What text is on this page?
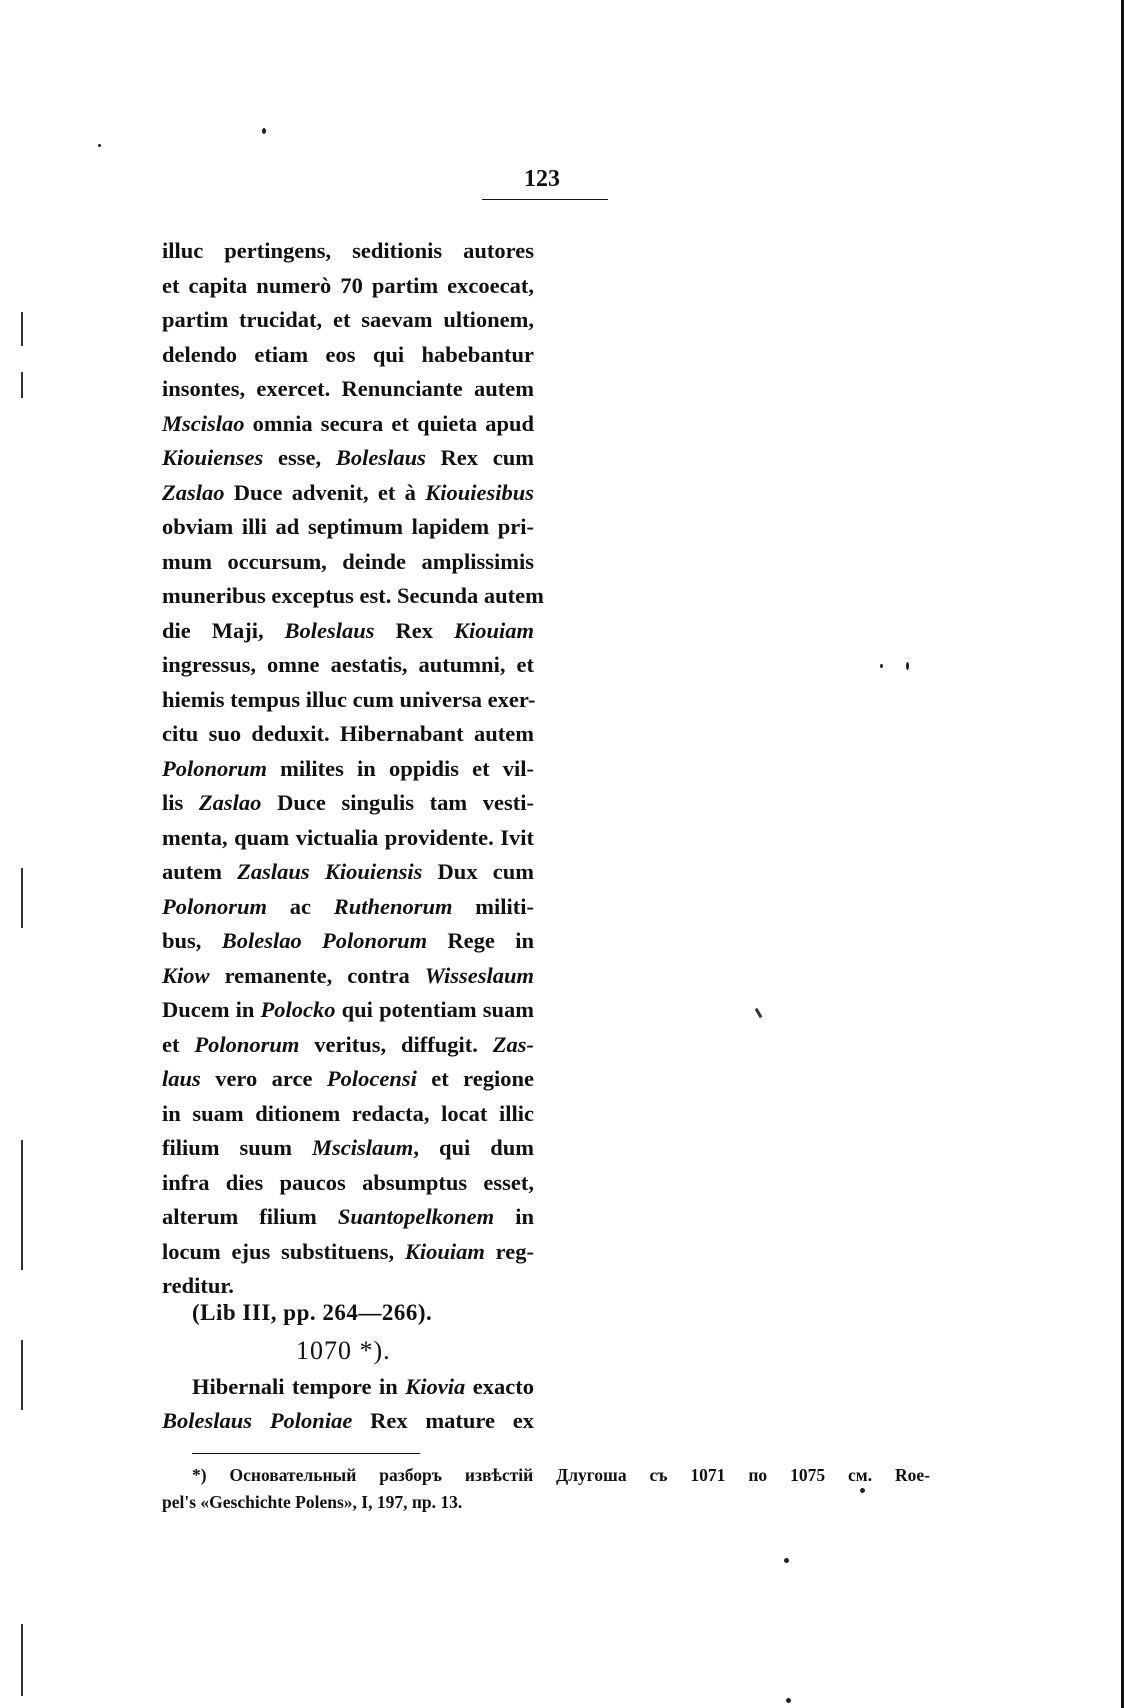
123
illuc pertingens, seditionis autores
et capita numerò 70 partim excoecat,
partim trucidat, et saevam ultionem,
delendo etiam eos qui habebantur
insontes, exercet. Renunciante autem
Mscislao omnia secura et quieta apud
Kiouienses esse, Boleslaus Rex cum
Zaslao Duce advenit, et à Kiouiesibus
obviam illi ad septimum lapidem pri-
mum occursum, deinde amplissimis
muneribus exceptus est. Secunda autem
die Maji, Boleslaus Rex Kiouiam
ingressus, omne aestatis, autumni, et
hiemis tempus illuc cum universa exer-
citu suo deduxit. Hibernabant autem
Polonorum milites in oppidis et vil-
lis Zaslao Duce singulis tam vesti-
menta, quam victualia providente. Ivit
autem Zaslaus Kiouiensis Dux cum
Polonorum ac Ruthenorum militi-
bus, Boleslao Polonorum Rege in
Kiow remanente, contra Wisseslaum
Ducem in Polocko qui potentiam suam
et Polonorum veritus, diffugit. Zas-
laus vero arce Polocensi et regione
in suam ditionem redacta, locat illic
filium suum Mscislaum, qui dum
infra dies paucos absumptus esset,
alterum filium Suantopelkonem in
locum ejus substituens, Kiouiam reg-
reditur.
(Lib III, pp. 264—266).
1070 *).
Hibernali tempore in Kiovia exacto
Boleslaus Poloniae Rex mature ex
*) Основательный разборъ извѣстій Длугоша съ 1071 по 1075 см. Roe-
pel's «Geschichte Polens», I, 197, пр. 13.
